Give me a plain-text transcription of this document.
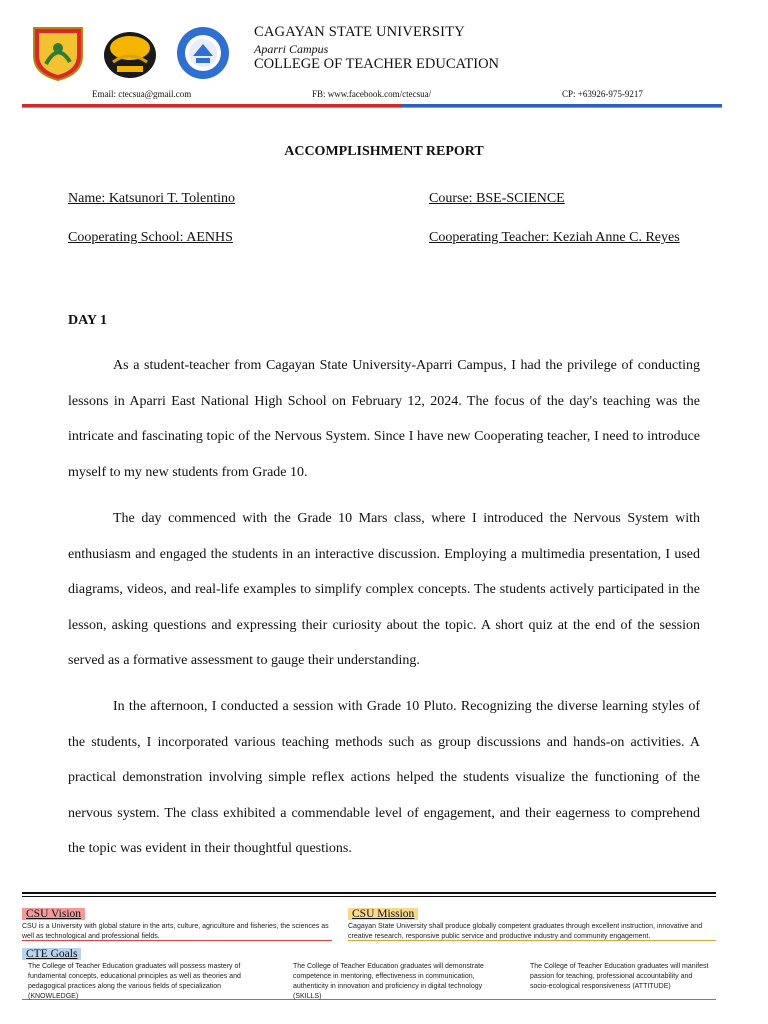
CAGAYAN STATE UNIVERSITY
Aparri Campus
COLLEGE OF TEACHER EDUCATION
Email: ctecsua@gmail.com	FB: www.facebook.com/ctecsua/	CP: +63926-975-9217
ACCOMPLISHMENT REPORT
Name: Katsunori T. Tolentino	Course: BSE-SCIENCE
Cooperating School: AENHS	Cooperating Teacher: Keziah Anne C. Reyes
DAY 1
As a student-teacher from Cagayan State University-Aparri Campus, I had the privilege of conducting lessons in Aparri East National High School on February 12, 2024. The focus of the day's teaching was the intricate and fascinating topic of the Nervous System. Since I have new Cooperating teacher, I need to introduce myself to my new students from Grade 10.
The day commenced with the Grade 10 Mars class, where I introduced the Nervous System with enthusiasm and engaged the students in an interactive discussion. Employing a multimedia presentation, I used diagrams, videos, and real-life examples to simplify complex concepts. The students actively participated in the lesson, asking questions and expressing their curiosity about the topic. A short quiz at the end of the session served as a formative assessment to gauge their understanding.
In the afternoon, I conducted a session with Grade 10 Pluto. Recognizing the diverse learning styles of the students, I incorporated various teaching methods such as group discussions and hands-on activities. A practical demonstration involving simple reflex actions helped the students visualize the functioning of the nervous system. The class exhibited a commendable level of engagement, and their eagerness to comprehend the topic was evident in their thoughtful questions.
CSU Vision
CSU is a University with global stature in the arts, culture, agriculture and fisheries, the sciences as well as technological and professional fields.
CSU Mission
Cagayan State University shall produce globally competent graduates through excellent instruction, innovative and creative research, responsive public service and productive industry and community engagement.
CTE Goals
The College of Teacher Education graduates will possess mastery of fundamental concepts, educational principles as well as theories and pedagogical practices along the various fields of specialization (KNOWLEDGE)
The College of Teacher Education graduates will demonstrate competence in mentoring, effectiveness in communication, authenticity in innovation and proficiency in digital technology (SKILLS)
The College of Teacher Education graduates will manifest passion for teaching, professional accountability and socio-ecological responsiveness (ATTITUDE)
